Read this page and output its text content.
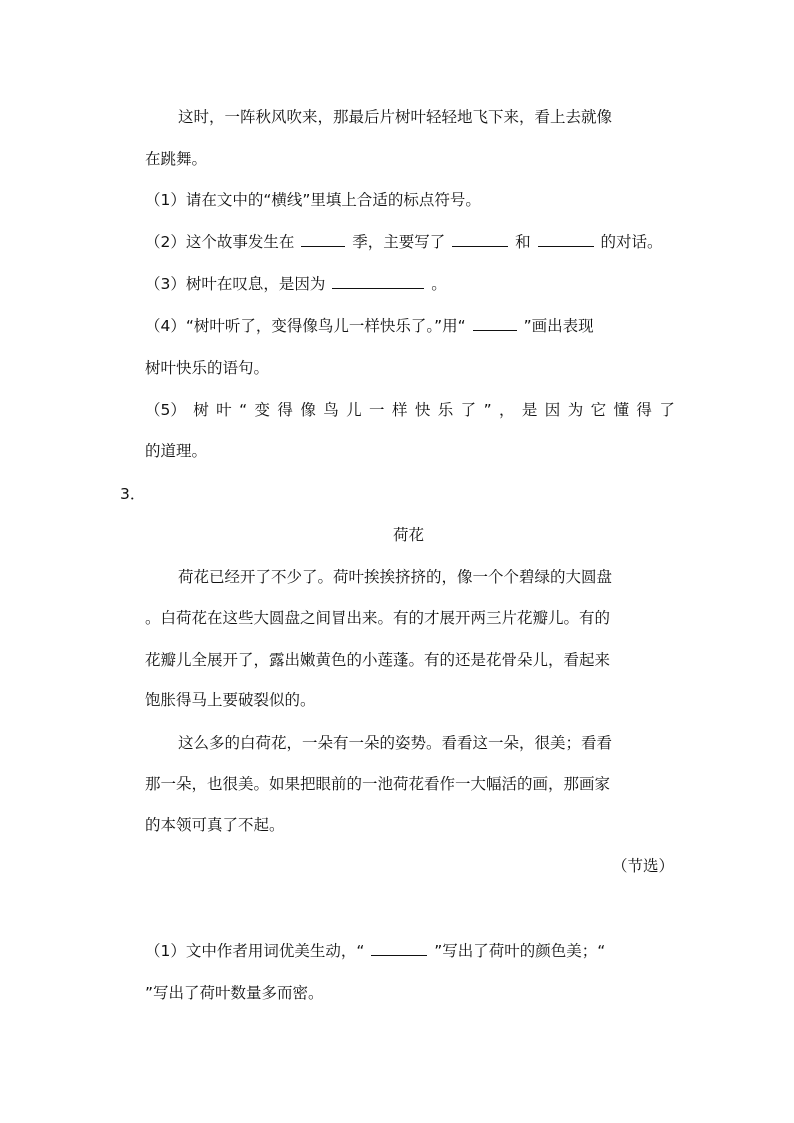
这时，一阵秋风吹来，那最后片树叶轻轻地飞下来，看上去就像
在跳舞。
（1）请在文中的“横线”里填上合适的标点符号。
（2）这个故事发生在	季，主要写了	和	的对话。
（3）树叶在叹息，是因为	。
（4）“树叶听了，变得像鸟儿一样快乐了。”用“	”画出表现
树叶快乐的语句。
（5） 树 叶 “ 变 得 像 鸟 儿 一 样 快 乐 了 ” ， 是 因 为 它 懂 得 了
的道理。
3．
荷花
荷花已经开了不少了。荷叶挨挨挤挤的，像一个个碧绿的大圆盘
。白荷花在这些大圆盘之间冒出来。有的才展开两三片花瓣儿。有的
花瓣儿全展开了，露出嫩黄色的小莲蓬。有的还是花骨朵儿，看起来
饱胀得马上要破裂似的。
这么多的白荷花，一朵有一朵的姿势。看看这一朵，很美；看看
那一朵，也很美。如果把眼前的一池荷花看作一大幅活的画，那画家
的本领可真了不起。
（节选）
（1）文中作者用词优美生动，“	”写出了荷叶的颜色美；“
”写出了荷叶数量多而密。
